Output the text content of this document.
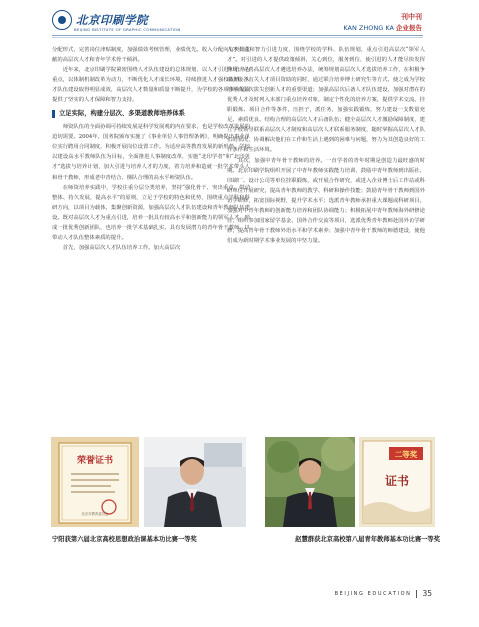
北京印刷学院
BEIJING INSTITUTE OF GRAPHIC COMMUNICATION
刊中刊
KAN ZHONG KA 企业报告

分配形式，完善岗位津贴制度，加强绩效考核管理，业绩优先。收入分配向有突出贡献的高层次人才和青年学术骨干倾斜。

近年来，北京印刷学院紧密围绕人才队伍建设的总体规划，以人才引进和培养为重点，以体制机制改革为动力，不断优化人才成长环境，持续推进人才强校战略，人才队伍建设取得明显成效，高层次人才数量和质量不断提升，为学校的各项事业发展提供了坚实的人才保障和智力支持。

立足实际，构建分层次、多渠道教师培养体系

师资队伍的全面协调可持续发展是科学发展观的内在要求，也是学校改革发展的迫切需要。2004年，国务院颁布实施了《事业单位人事管理条例》，明确提出事业单位实行聘用合同制度，积极开展岗位设置工作。为适应高等教育发展的新形势，学校以建设高水平教师队伍为目标，全面推进人事制度改革，实施“北印学者”和“北印英才”选拔与培养计划，加大引进与培养人才的力度，着力培养和造就一批学术带头人和骨干教师，形成老中青结合、梯队合理的高水平师资队伍。

在师资培养实践中，学校注重分层分类培养，坚持“强化骨干、突出重点、带动整体、持久发展，提高水平”的原则，立足于学校的特色和优势，围绕重点学科和科研方向，以项目为载体，集聚创新资源，加强高层次人才队伍建设和青年教师队伍建设。既对高层次人才为重点引进，培养一批具有较高水平和创新能力的领军人才，形成一批优秀创新团队，也培养一批学术基础扎实、具有发展潜力的青年骨干教师，以带动人才队伍整体素质的提升。

首先，加强高层次人才队伍培养工作。加大高层次

人才引进和智力引进力度，围绕学校的学科、队伍规划，重点引进高层次“领军人才”。对引进的人才提供政策倾斜，关心到位，服务到位，使引进的人才能尽快发挥作用；完善高层次人才遴选培养办法，统筹规划高层次人才选拔培养工作，在积极争取上级各有关人才项目资助的同时，通过联合培养博士研究生等方式，使之成为学校培养高层次拔尖创新人才的重要渠道；加强高层次后备人才队伍建设，加强对潜在的优秀人才及时列入本部门重点培养对象，制定个性化的培养方案，提供学术交流、挂职锻炼、项目合作等条件，压担子，派任务，加强实践锻炼，努力建设一支数量充足、素质优良、结构合理的高层次人才后备队伍；健全高层次人才激励保障制度，建立学校领导联系高层次人才制度和高层次人才联系服务制度，随时掌握高层次人才队伍的状况，协调解决他们在工作和生活上遇到的困难与问题，努力为其创造良好的工作条件和生活环境。

其次，加强中青年骨干教师的培养。一直学者的青年时期是创造力最旺盛的时期。北京印刷学院组织开展了中青年教师实践能力培训，鼓励中青年教师到出版社、印刷厂、设计公司等单位挂职锻炼，或开展合作研究，或进入企业博士后工作站或科研单位开展研究，提高青年教师的教学、科研和操作技能；鼓励青年骨干教师到国外访学研修，拓宽国际视野，提升学术水平；选派青年教师承担重大课题或科研项目，加强对中青年教师的创新能力培养和团队协调能力；积极拓展中青年教师海外研修途径，组织参加国家留学基金、国外合作交流等项目，选派优秀青年教师赴国外访学研修，提高青年骨干教师外语水平和学术素养；加强中青年骨干教师的师德建设，使他们成为新时期学术事业发展的中坚力量。

荣誉证书
北京市教育委员会
二等奖
证书
宁阳获第六届北京高校思想政治课基本功比赛一等奖	赵慧群获北京高校第八届青年教师基本功比赛一等奖
BEIJING EDUCATION 35
